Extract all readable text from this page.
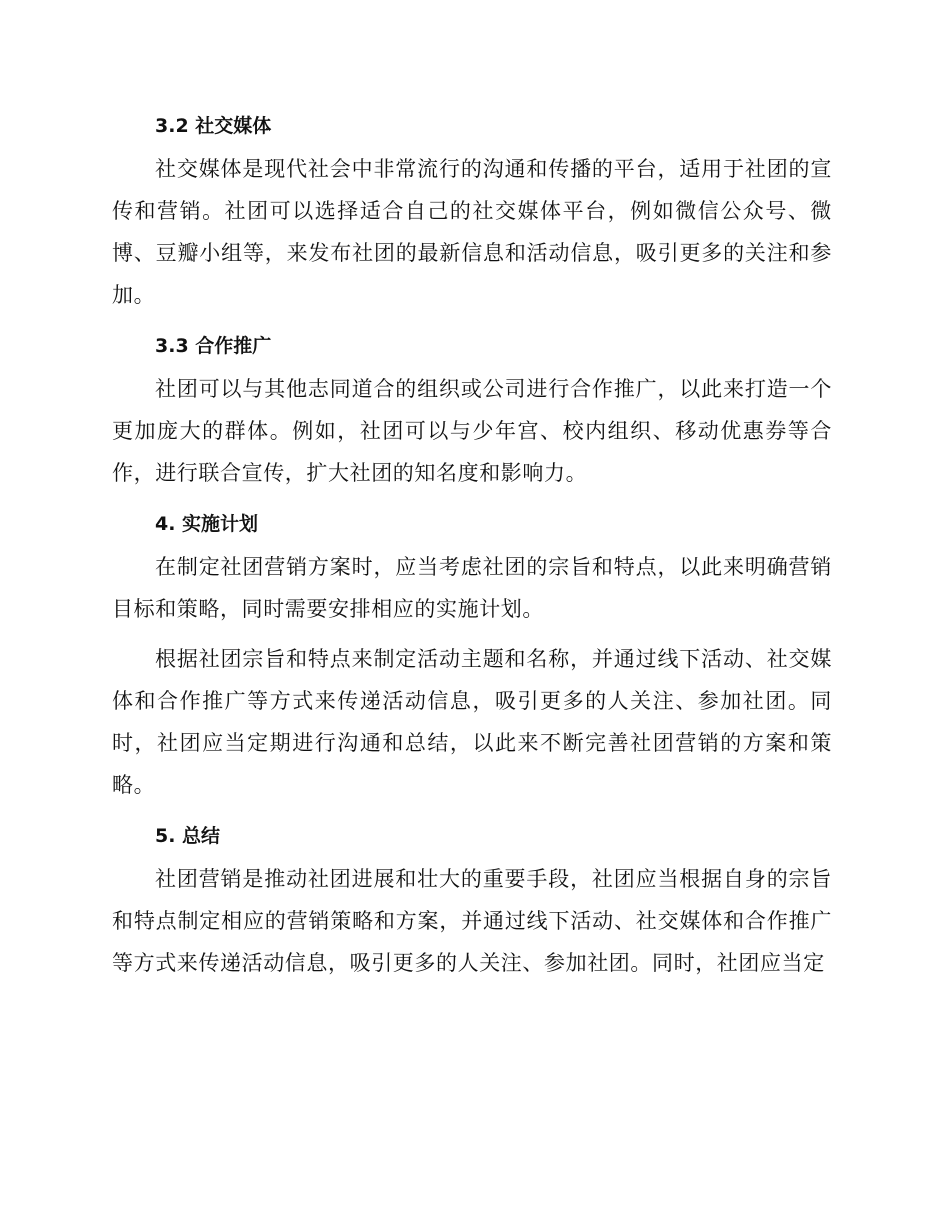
3.2 社交媒体

社交媒体是现代社会中非常流行的沟通和传播的平台，适用于社团的宣传和营销。社团可以选择适合自己的社交媒体平台，例如微信公众号、微博、豆瓣小组等，来发布社团的最新信息和活动信息，吸引更多的关注和参加。

3.3 合作推广

社团可以与其他志同道合的组织或公司进行合作推广，以此来打造一个更加庞大的群体。例如，社团可以与少年宫、校内组织、移动优惠券等合作，进行联合宣传，扩大社团的知名度和影响力。

4. 实施计划

在制定社团营销方案时，应当考虑社团的宗旨和特点，以此来明确营销目标和策略，同时需要安排相应的实施计划。

根据社团宗旨和特点来制定活动主题和名称，并通过线下活动、社交媒体和合作推广等方式来传递活动信息，吸引更多的人关注、参加社团。同时，社团应当定期进行沟通和总结，以此来不断完善社团营销的方案和策略。

5. 总结

社团营销是推动社团进展和壮大的重要手段，社团应当根据自身的宗旨和特点制定相应的营销策略和方案，并通过线下活动、社交媒体和合作推广等方式来传递活动信息，吸引更多的人关注、参加社团。同时，社团应当定
